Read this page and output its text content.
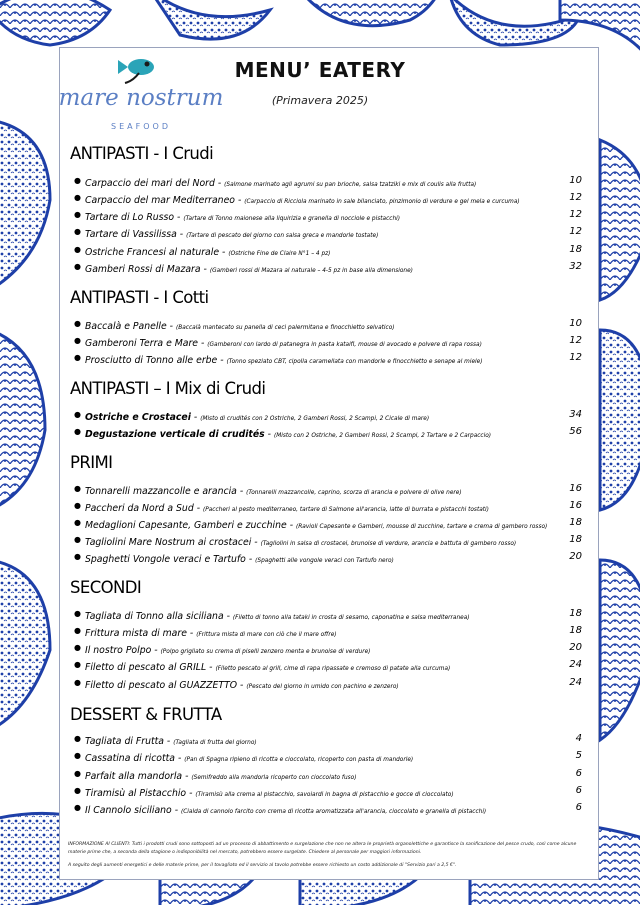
mare nostrum
SEAFOOD
MENU’ EATERY
(Primavera 2025)
ANTIPASTI - I Crudi
● Carpaccio dei mari del Nord - (Salmone marinato agli agrumi su pan brioche, salsa tzatziki e mix di coulis alla frutta)	10
● Carpaccio del mar Mediterraneo - (Carpaccio di Ricciola marinato in sale bilanciato, pinzimonio di verdure e gel mela e curcuma)	12
● Tartare di Lo Russo - (Tartare di Tonno maionese alla liquirizia e granella di nocciole e pistacchi)	12
● Tartare di Vassilissa - (Tartare di pescato del giorno con salsa greca e mandorle tostate)	12
● Ostriche Francesi al naturale - (Ostriche Fine de Claire N°1 – 4 pz)	18
● Gamberi Rossi di Mazara - (Gamberi rossi di Mazara al naturale – 4-5 pz in base alla dimensione)	32
ANTIPASTI - I Cotti
● Baccalà e Panelle - (Baccalà mantecato su panella di ceci palermitana e finocchietto selvatico)	10
● Gamberoni Terra e Mare - (Gamberoni con lardo di patanegra in pasta kataifi, mouse di avocado e polvere di rapa rossa)	12
● Prosciutto di Tonno alle erbe - (Tonno speziato CBT, cipolla caramellata con mandorle e finocchietto e senape al miele)	12
ANTIPASTI – I Mix di Crudi
● Ostriche e Crostacei - (Misto di crudités con 2 Ostriche, 2 Gamberi Rossi, 2 Scampi, 2 Cicale di mare)	34
● Degustazione verticale di crudités - (Misto con 2 Ostriche, 2 Gamberi Rossi, 2 Scampi, 2 Tartare e 2 Carpaccio)	56
PRIMI
● Tonnarelli mazzancolle e arancia - (Tonnarelli mazzancolle, caprino, scorza di arancia e polvere di olive nere)	16
● Paccheri da Nord a Sud - (Paccheri al pesto mediterraneo, tartare di Salmone all'arancia, latte di burrata e pistacchi tostati)	16
● Medaglioni Capesante, Gamberi e zucchine - (Ravioli Capesante e Gamberi, mousse di zucchine, tartare e crema di gambero rosso)	18
● Tagliolini Mare Nostrum ai crostacei - (Tagliolini in salsa di crostacei, brunoise di verdure, arancia e battuta di gambero rosso)	18
● Spaghetti Vongole veraci e Tartufo - (Spaghetti alle vongole veraci con Tartufo nero)	20
SECONDI
● Tagliata di Tonno alla siciliana - (Filetto di tonno alla tataki in crosta di sesamo, caponatina e salsa mediterranea)	18
● Frittura mista di mare - (Frittura mista di mare con ciò che il mare offre)	18
● Il nostro Polpo - (Polpo grigliato su crema di piselli zenzero menta e brunoise di verdure)	20
● Filetto di pescato al GRILL - (Filetto pescato al grill, cime di rapa ripassate e cremoso di patate alla curcuma)	24
● Filetto di pescato al GUAZZETTO - (Pescato del giorno in umido con pachino e zenzero)	24
DESSERT & FRUTTA
● Tagliata di Frutta - (Tagliata di frutta del giorno)	4
● Cassatina di ricotta - (Pan di Spagna ripieno di ricotta e cioccolato, ricoperto con pasta di mandorle)	5
● Parfait alla mandorla - (Semifreddo alla mandorla ricoperto con cioccolato fuso)	6
● Tiramisù al Pistacchio - (Tiramisù alla crema al pistacchio, savoiardi in bagna di pistacchio e gocce di cioccolato)	6
● Il Cannolo siciliano - (Cialda di cannolo farcito con crema di ricotta aromatizzata all'arancia, cioccolato e granella di pistacchi)	6

INFORMAZIONE AI CLIENTI: Tutti i prodotti crudi sono sottoposti ad un processo di abbattimento e surgelazione che non ne altera le proprietà organolettiche e garantisce la sanificazione del pesce crudo, così come alcune materie prime che, a seconda della stagione o indisponibilità nel mercato, potrebbero essere surgelate. Chiedere al personale per maggiori informazioni.

A seguito degli aumenti energetici e delle materie prime, per il tovagliato ed il servizio al tavolo potrebbe essere richiesto un costo addizionale di "Servizio pari a 2,5 €".
